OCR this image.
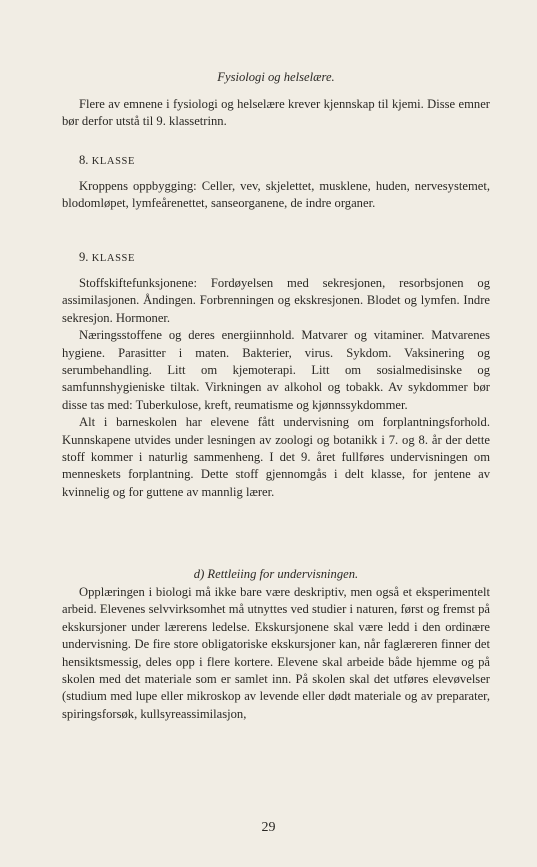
Fysiologi og helselære.

Flere av emnene i fysiologi og helselære krever kjennskap til kjemi. Disse emner bør derfor utstå til 9. klassetrinn.

8. KLASSE

Kroppens oppbygging: Celler, vev, skjelettet, musklene, huden, nervesystemet, blodomløpet, lymfeårenettet, sanseorganene, de indre organer.

9. KLASSE

Stoffskiftefunksjonene: Fordøyelsen med sekresjonen, resorbsjonen og assimilasjonen. Åndingen. Forbrenningen og ekskresjonen. Blodet og lymfen. Indre sekresjon. Hormoner.

Næringsstoffene og deres energiinnhold. Matvarer og vitaminer. Matvarenes hygiene. Parasitter i maten. Bakterier, virus. Sykdom. Vaksinering og serumbehandling. Litt om kjemoterapi. Litt om sosialmedisinske og samfunnshygieniske tiltak. Virkningen av alkohol og tobakk. Av sykdommer bør disse tas med: Tuberkulose, kreft, reumatisme og kjønnssykdommer.

Alt i barneskolen har elevene fått undervisning om forplantningsforhold. Kunnskapene utvides under lesningen av zoologi og botanikk i 7. og 8. år der dette stoff kommer i naturlig sammenheng. I det 9. året fullføres undervisningen om menneskets forplantning. Dette stoff gjennomgås i delt klasse, for jentene av kvinnelig og for guttene av mannlig lærer.

d) Rettleiing for undervisningen.

Opplæringen i biologi må ikke bare være deskriptiv, men også et eksperimentelt arbeid. Elevenes selvvirksomhet må utnyttes ved studier i naturen, først og fremst på ekskursjoner under lærerens ledelse. Ekskursjonene skal være ledd i den ordinære undervisning. De fire store obligatoriske ekskursjoner kan, når faglæreren finner det hensiktsmessig, deles opp i flere kortere. Elevene skal arbeide både hjemme og på skolen med det materiale som er samlet inn. På skolen skal det utføres elevøvelser (studium med lupe eller mikroskop av levende eller dødt materiale og av preparater, spiringsforsøk, kullsyreassimilasjon,

29
